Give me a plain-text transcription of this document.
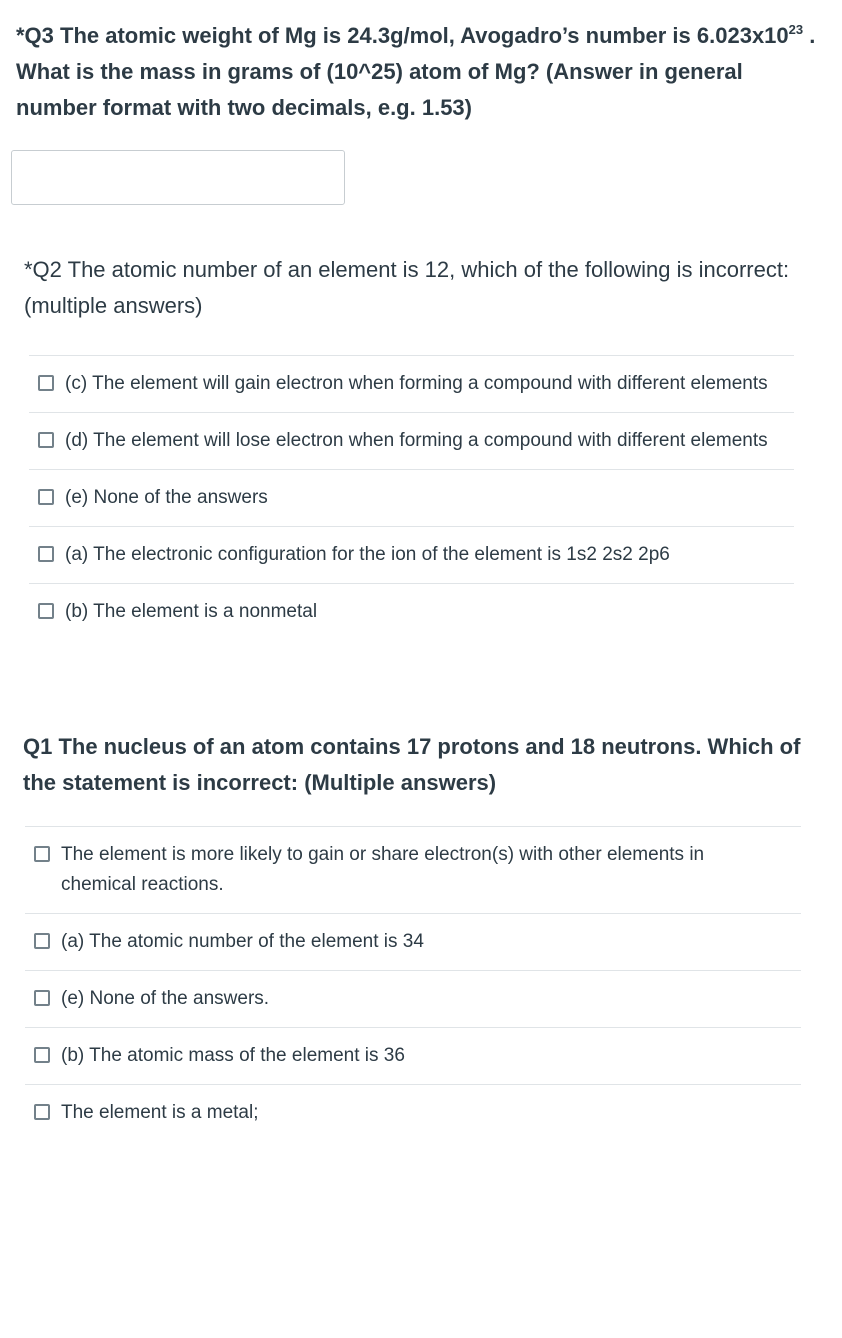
*Q3 The atomic weight of Mg is 24.3g/mol, Avogadro’s number is $6.023x10^{23}$ . What is the mass in grams of (10^25) atom of Mg? (Answer in general number format with two decimals, e.g. 1.53)
*Q2 The atomic number of an element is 12, which of the following is incorrect: (multiple answers)
(c) The element will gain electron when forming a compound with different elements
(d) The element will lose electron when forming a compound with different elements
(e) None of the answers
(a) The electronic configuration for the ion of the element is 1s2 2s2 2p6
(b) The element is a nonmetal
Q1 The nucleus of an atom contains 17 protons and 18 neutrons. Which of the statement is incorrect: (Multiple answers)
The element is more likely to gain or share electron(s) with other elements in chemical reactions.
(a) The atomic number of the element is 34
(e) None of the answers.
(b) The atomic mass of the element is 36
The element is a metal;
